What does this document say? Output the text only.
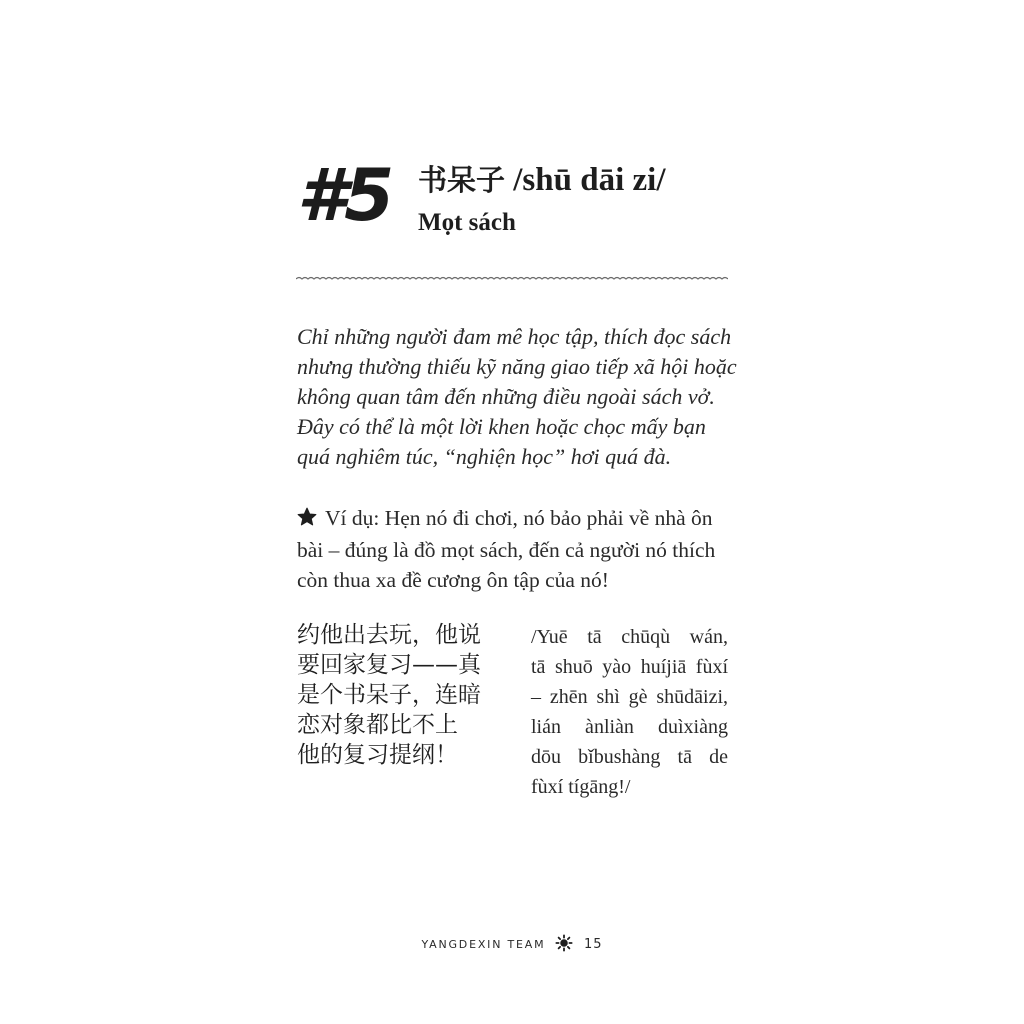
#5 书呆子 /shū dāi zi/
Mọt sách
Chỉ những người đam mê học tập, thích đọc sách nhưng thường thiếu kỹ năng giao tiếp xã hội hoặc không quan tâm đến những điều ngoài sách vở. Đây có thể là một lời khen hoặc chọc mấy bạn quá nghiêm túc, “nghiện học” hơi quá đà.
Ví dụ: Hẹn nó đi chơi, nó bảo phải về nhà ôn bài – đúng là đồ mọt sách, đến cả người nó thích còn thua xa đề cương ôn tập của nó!
约他出去玩，他说
要回家复习——真
是个书呆子，连暗
恋对象都比不上
他的复习提纲！
/Yuē tā chūqù wán,
tā shuō yào huíjiā fùxí
– zhēn shì gè shūdāizi,
lián ànliàn duìxiàng
dōu bǐbushàng tā de
fùxí tígāng!/
YANGDEXIN TEAM	15
